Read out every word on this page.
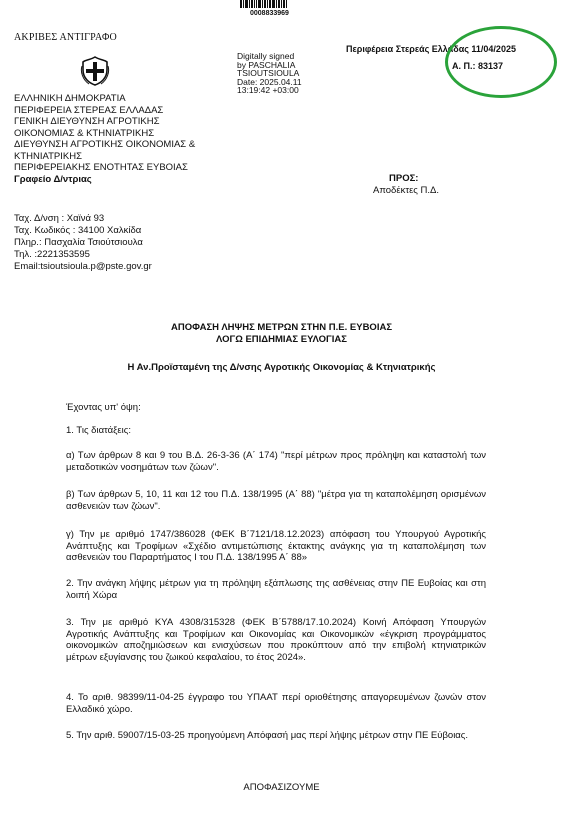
0008833969
ΑΚΡΙΒΕΣ ΑΝΤΙΓΡΑΦΟ
Digitally signed
by PASCHALIA
TSIOUTSIOULA
Date: 2025.04.11
13:19:42 +03:00
Περιφέρεια Στερεάς Ελλάδας 11/04/2025
Α. Π.: 83137
ΕΛΛΗΝΙΚΗ ΔΗΜΟΚΡΑΤΙΑ
ΠΕΡΙΦΕΡΕΙΑ ΣΤΕΡΕΑΣ ΕΛΛΑΔΑΣ
ΓΕΝΙΚΗ ΔΙΕΥΘΥΝΣΗ ΑΓΡΟΤΙΚΗΣ
ΟΙΚΟΝΟΜΙΑΣ & ΚΤΗΝΙΑΤΡΙΚΗΣ
ΔΙΕΥΘΥΝΣΗ ΑΓΡΟΤΙΚΗΣ ΟΙΚΟΝΟΜΙΑΣ &
ΚΤΗΝΙΑΤΡΙΚΗΣ
ΠΕΡΙΦΕΡΕΙΑΚΗΣ ΕΝΟΤΗΤΑΣ ΕΥΒΟΙΑΣ
Γραφείο Δ/ντριας	ΠΡΟΣ:
Αποδέκτες Π.Δ.
Ταχ. Δ/νση : Χαϊνά 93
Ταχ. Κωδικός : 34100 Χαλκίδα
Πληρ.: Πασχαλία Τσιούτσιουλα
Τηλ. :2221353595
Email:tsioutsioula.p@pste.gov.gr
ΑΠΟΦΑΣΗ ΛΗΨΗΣ ΜΕΤΡΩΝ ΣΤΗΝ Π.Ε. ΕΥΒΟΙΑΣ
ΛΟΓΩ ΕΠΙΔΗΜΙΑΣ ΕΥΛΟΓΙΑΣ
Η Αν.Προϊσταμένη της Δ/νσης Αγροτικής Οικονομίας & Κτηνιατρικής
Έχοντας υπ' όψη:
1. Τις διατάξεις:
α) Των άρθρων 8 και 9 του Β.Δ. 26-3-36 (Α΄ 174) "περί μέτρων προς πρόληψη και καταστολή των μεταδοτικών νοσημάτων των ζώων".
β) Των άρθρων 5, 10, 11 και 12 του Π.Δ. 138/1995 (Α΄ 88) "μέτρα για τη καταπολέμηση ορισμένων ασθενειών των ζώων".
γ) Την με αριθμό 1747/386028 (ΦΕΚ Β΄7121/18.12.2023) απόφαση του Υπουργού Αγροτικής Ανάπτυξης και Τροφίμων «Σχέδιο αντιμετώπισης έκτακτης ανάγκης για τη καταπολέμηση των ασθενειών του Παραρτήματος Ι του Π.Δ. 138/1995 Α΄ 88»
2. Την ανάγκη λήψης μέτρων για τη πρόληψη εξάπλωσης της ασθένειας στην ΠΕ Ευβοίας και στη λοιπή Χώρα
3. Την με αριθμό ΚΥΑ 4308/315328 (ΦΕΚ Β΄5788/17.10.2024) Κοινή Απόφαση Υπουργών Αγροτικής Ανάπτυξης και Τροφίμων και Οικονομίας και Οικονομικών «έγκριση προγράμματος οικονομικών αποζημιώσεων και ενισχύσεων που προκύπτουν από την επιβολή κτηνιατρικών μέτρων εξυγίανσης του ζωικού κεφαλαίου, το έτος 2024».
4. Το αριθ. 98399/11-04-25 έγγραφο του ΥΠΑΑΤ περί οριοθέτησης απαγορευμένων ζωνών στον Ελλαδικό χώρο.
5. Την αριθ. 59007/15-03-25 προηγούμενη Απόφασή μας περί λήψης μέτρων στην ΠΕ Εύβοιας.
ΑΠΟΦΑΣΙΖΟΥΜΕ
